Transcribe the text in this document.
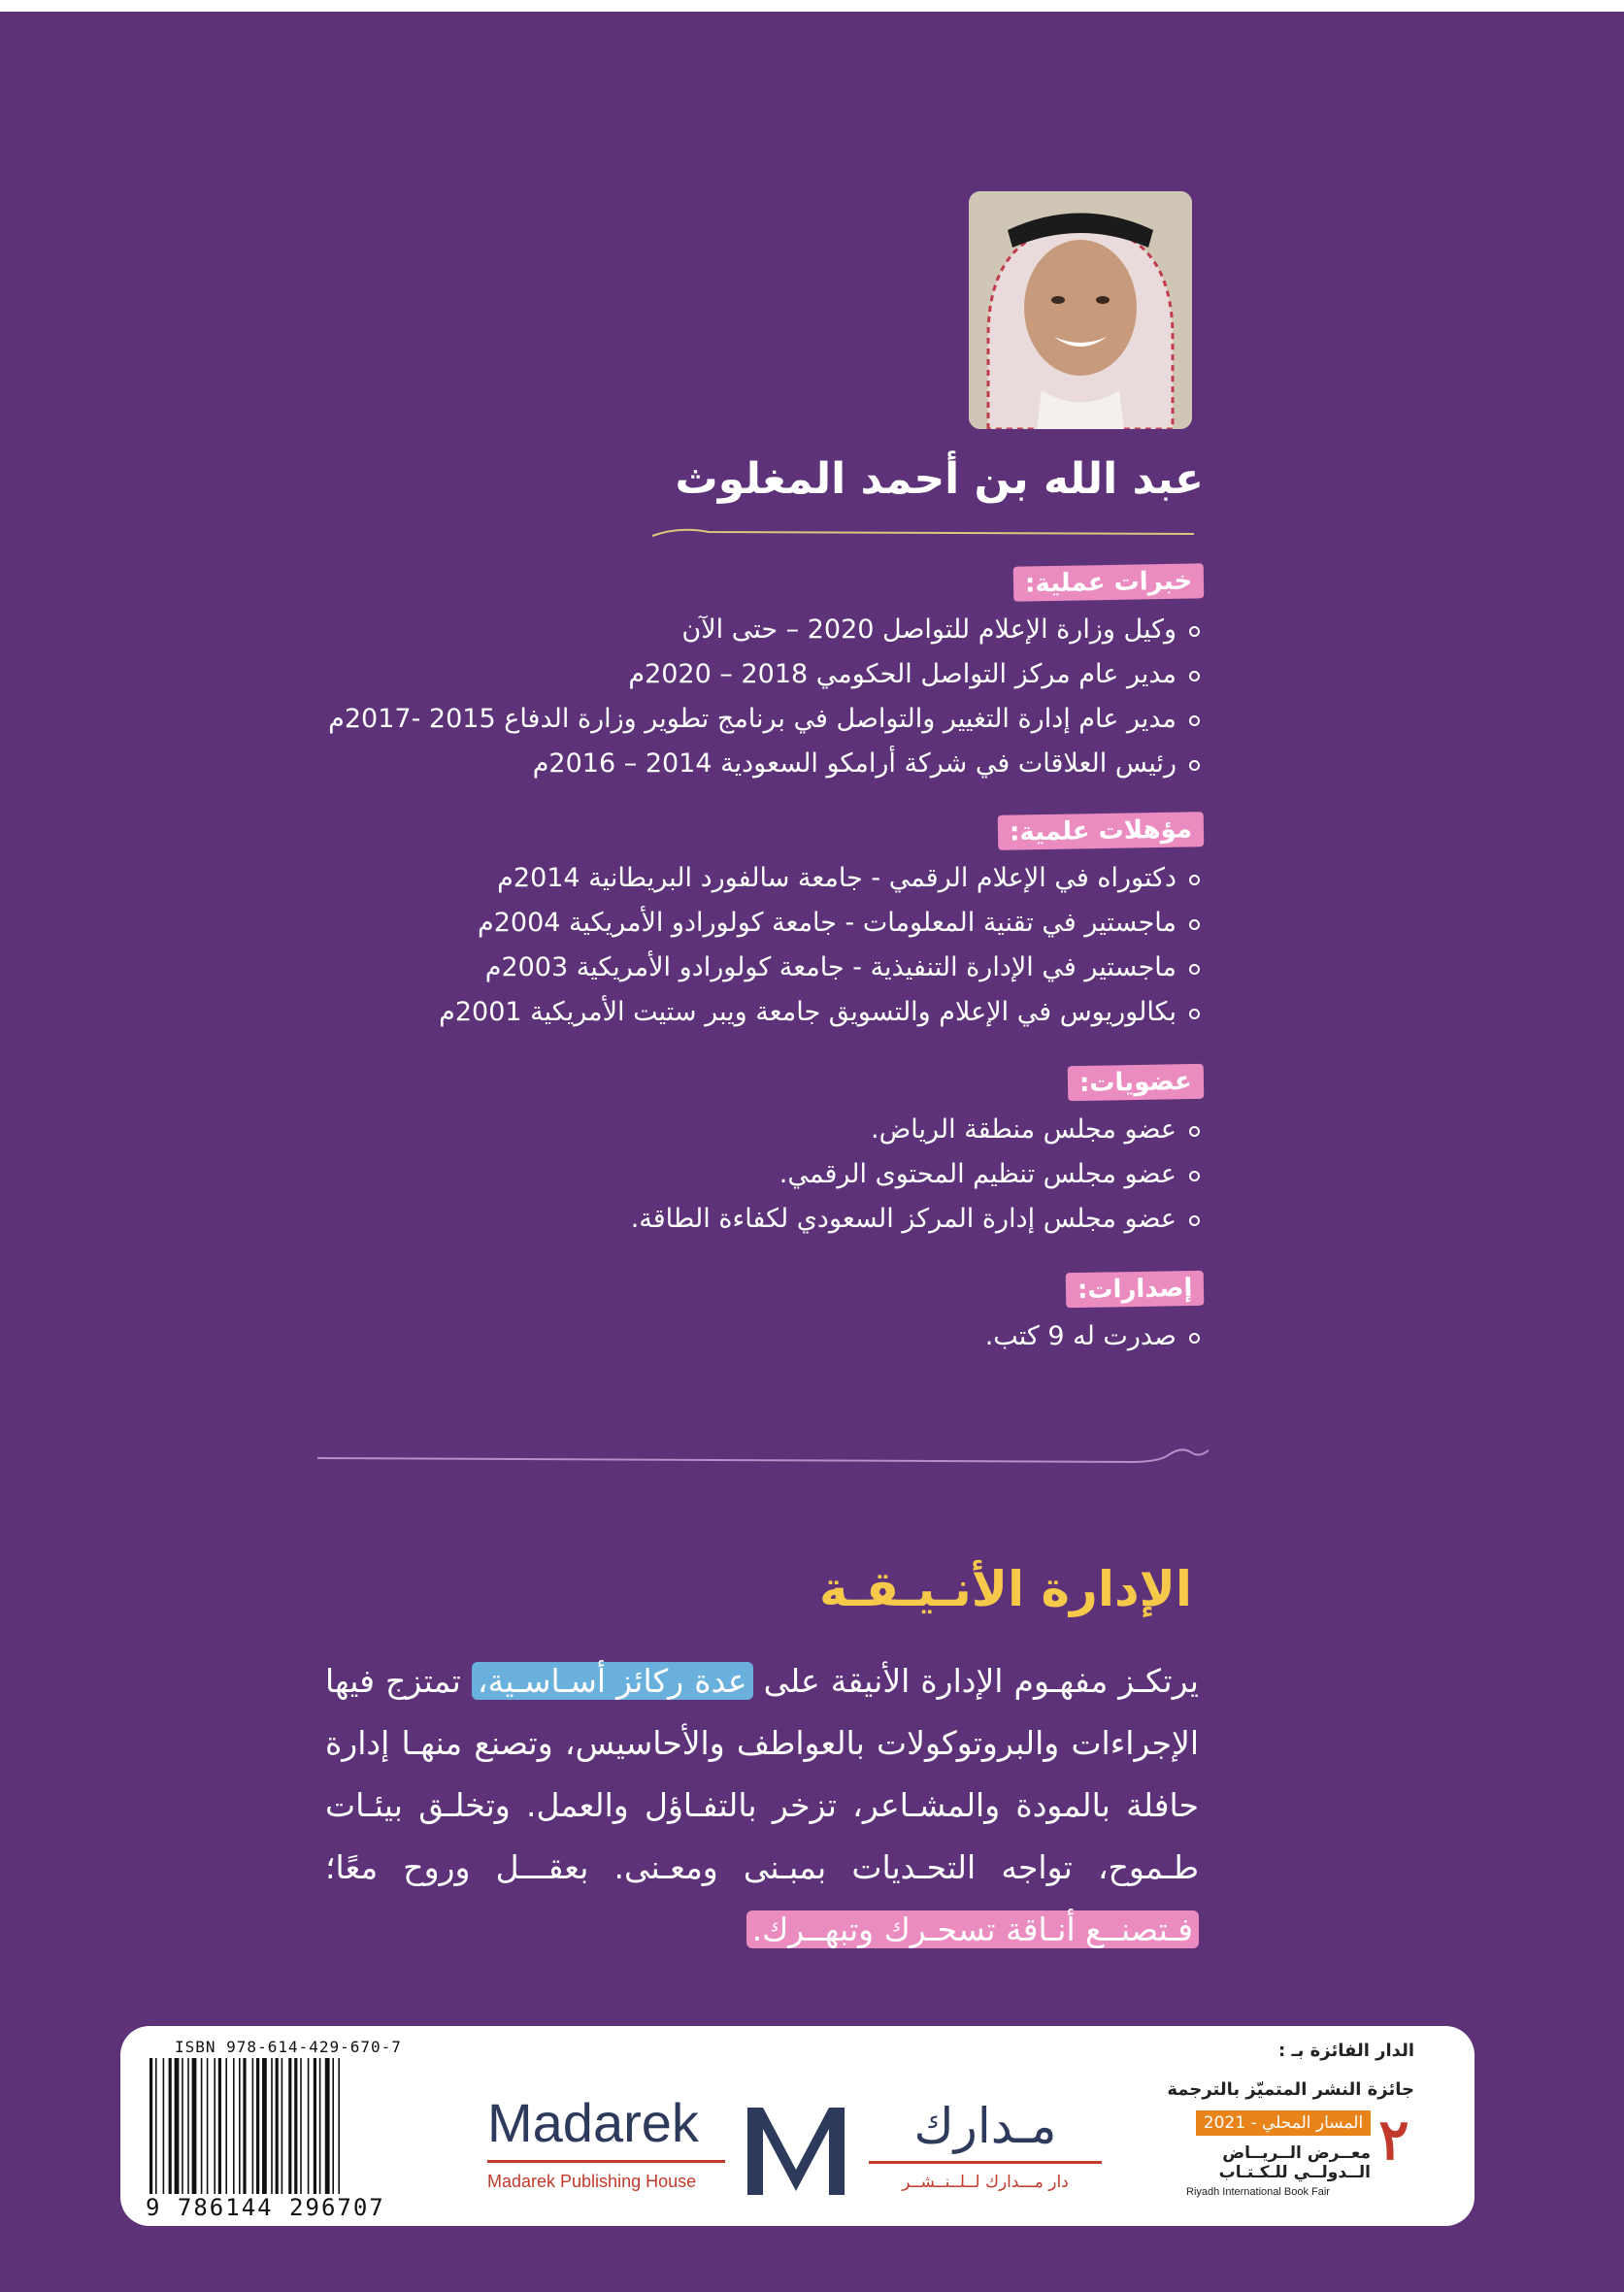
عبد الله بن أحمد المغلوث
خبرات عملية:
وكيل وزارة الإعلام للتواصل 2020 – حتى الآن
مدير عام مركز التواصل الحكومي 2018 – 2020م
مدير عام إدارة التغيير والتواصل في برنامج تطوير وزارة الدفاع 2015 -2017م
رئيس العلاقات في شركة أرامكو السعودية 2014 – 2016م
مؤهلات علمية:
دكتوراه في الإعلام الرقمي - جامعة سالفورد البريطانية 2014م
ماجستير في تقنية المعلومات - جامعة كولورادو الأمريكية 2004م
ماجستير في الإدارة التنفيذية - جامعة كولورادو الأمريكية 2003م
بكالوريوس في الإعلام والتسويق جامعة ويبر ستيت الأمريكية 2001م
عضويات:
عضو مجلس منطقة الرياض.
عضو مجلس تنظيم المحتوى الرقمي.
عضو مجلس إدارة المركز السعودي لكفاءة الطاقة.
إصدارات:
صدرت له 9 كتب.
الإدارة الأنـيـقـة
يرتكـز مفهـوم الإدارة الأنيقة على عدة ركائز أسـاسـية، تمتزج فيها الإجراءات والبروتوكولات بالعواطف والأحاسيس، وتصنع منهـا إدارة حافلة بالمودة والمشـاعر، تزخر بالتفـاؤل والعمل. وتخلـق بيئـات طـموح، تواجه التحـديات بمبـنى ومعـنى. بعقـــل وروح معًا؛ فـتصنــع أنـاقة تسحـرك وتبهــرك.
ISBN 978-614-429-670-7
9 786144 296707
Madarek
Madarek Publishing House
مـدارك
دار مـــدارك لــلــنــشــر
الدار الفائزة بـ :
جائزة النشر المتميّز بالترجمة
المسار المحلي - 2021 ٢
معــرض الــريــاض
الــدولــي للـكـتـاب
Riyadh International Book Fair
